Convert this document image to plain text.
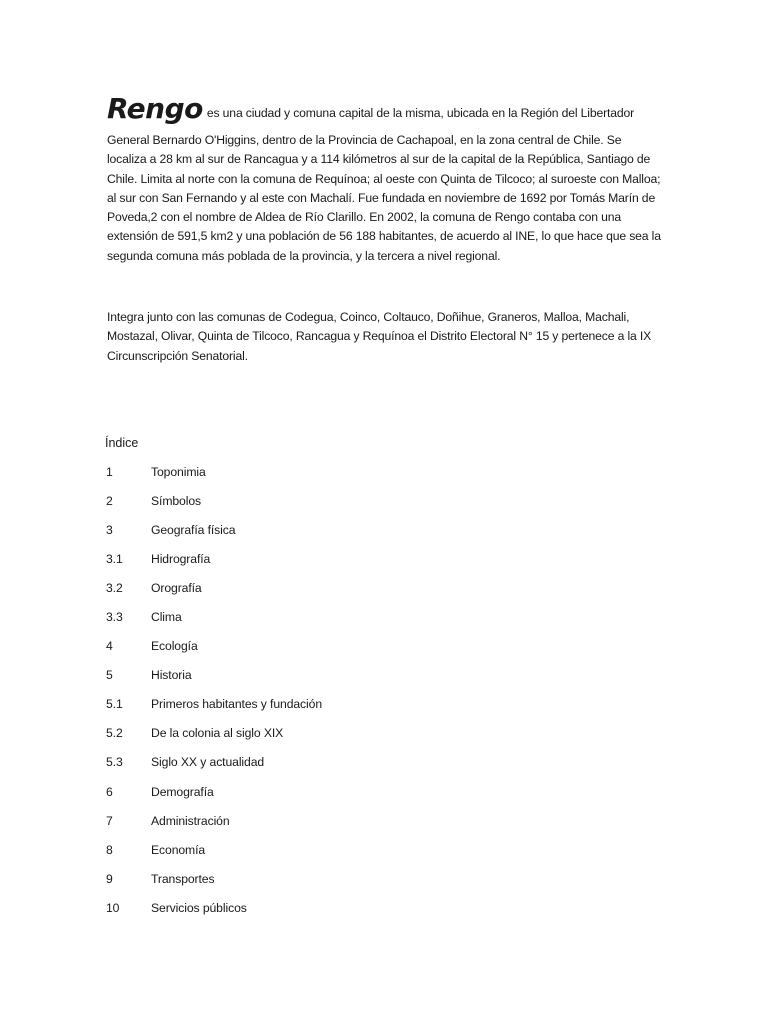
Rengo es una ciudad y comuna capital de la misma, ubicada en la Región del Libertador
General Bernardo O'Higgins, dentro de la Provincia de Cachapoal, en la zona central de Chile. Se localiza a 28 km al sur de Rancagua y a 114 kilómetros al sur de la capital de la República, Santiago de Chile. Limita al norte con la comuna de Requínoa; al oeste con Quinta de Tilcoco; al suroeste con Malloa; al sur con San Fernando y al este con Machalí. Fue fundada en noviembre de 1692 por Tomás Marín de Poveda,2 con el nombre de Aldea de Río Clarillo. En 2002, la comuna de Rengo contaba con una extensión de 591,5 km2 y una población de 56 188 habitantes, de acuerdo al INE, lo que hace que sea la segunda comuna más poblada de la provincia, y la tercera a nivel regional.

Integra junto con las comunas de Codegua, Coinco, Coltauco, Doñihue, Graneros, Malloa, Machali, Mostazal, Olivar, Quinta de Tilcoco, Rancagua y Requínoa el Distrito Electoral N° 15 y pertenece a la IX Circunscripción Senatorial.

Índice
1	Toponimia
2	Símbolos
3	Geografía física
3.1	Hidrografía
3.2	Orografía
3.3	Clima
4	Ecología
5	Historia
5.1	Primeros habitantes y fundación
5.2	De la colonia al siglo XIX
5.3	Siglo XX y actualidad
6	Demografía
7	Administración
8	Economía
9	Transportes
10	Servicios públicos
